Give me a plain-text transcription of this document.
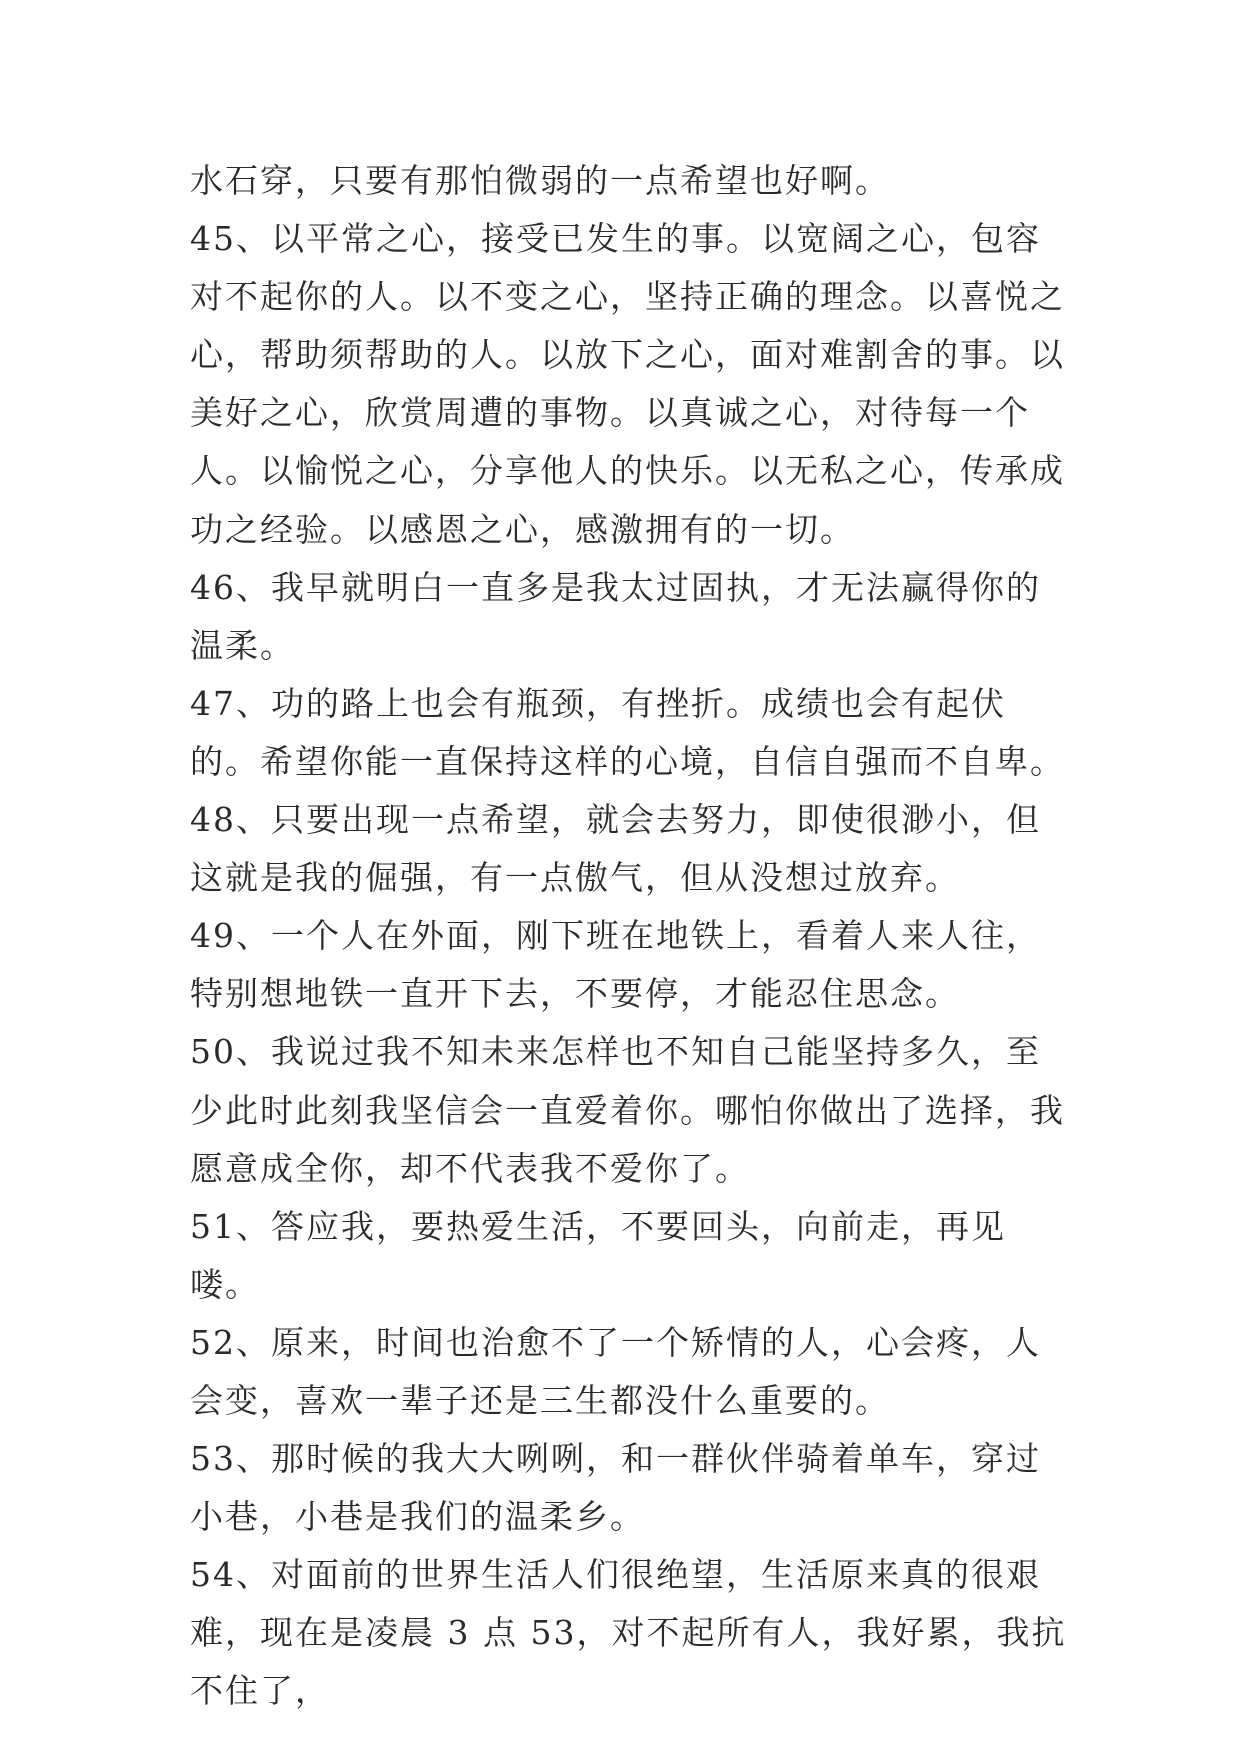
水石穿，只要有那怕微弱的一点希望也好啊。

45、以平常之心，接受已发生的事。以宽阔之心，包容对不起你的人。以不变之心，坚持正确的理念。以喜悦之心，帮助须帮助的人。以放下之心，面对难割舍的事。以美好之心，欣赏周遭的事物。以真诚之心，对待每一个人。以愉悦之心，分享他人的快乐。以无私之心，传承成功之经验。以感恩之心，感激拥有的一切。

46、我早就明白一直多是我太过固执，才无法赢得你的温柔。

47、功的路上也会有瓶颈，有挫折。成绩也会有起伏的。希望你能一直保持这样的心境，自信自强而不自卑。

48、只要出现一点希望，就会去努力，即使很渺小，但这就是我的倔强，有一点傲气，但从没想过放弃。

49、一个人在外面，刚下班在地铁上，看着人来人往，特别想地铁一直开下去，不要停，才能忍住思念。

50、我说过我不知未来怎样也不知自己能坚持多久，至少此时此刻我坚信会一直爱着你。哪怕你做出了选择，我愿意成全你，却不代表我不爱你了。

51、答应我，要热爱生活，不要回头，向前走，再见喽。

52、原来，时间也治愈不了一个矫情的人，心会疼，人会变，喜欢一辈子还是三生都没什么重要的。

53、那时候的我大大咧咧，和一群伙伴骑着单车，穿过小巷，小巷是我们的温柔乡。

54、对面前的世界生活人们很绝望，生活原来真的很艰难，现在是凌晨 3 点 53，对不起所有人，我好累，我抗不住了，
